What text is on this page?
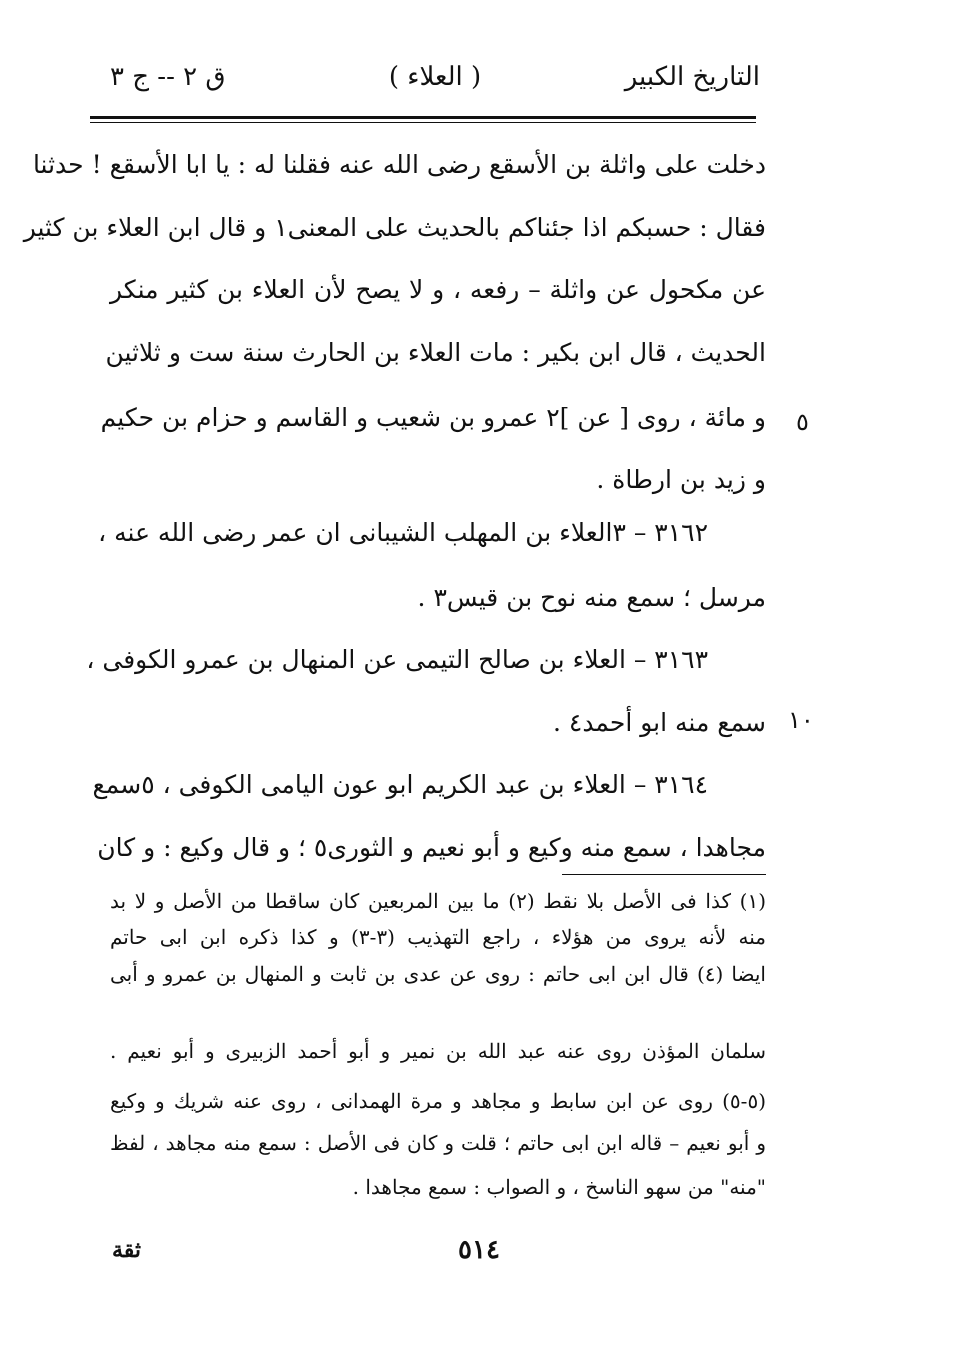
التاريخ الكبير
( العلاء )
ق ٢ -- ج ٣
دخلت على واثلة بن الأسقع رضى الله عنه فقلنا له : يا ابا الأسقع ! حدثنا
فقال : حسبكم اذا جئناكم بالحديث على المعنى١ و قال ابن العلاء بن كثير
عن مكحول عن واثلة – رفعه ، و لا يصح لأن العلاء بن كثير منكر
الحديث ، قال ابن بكير : مات العلاء بن الحارث سنة ست و ثلاثين
و مائة ، روى [ عن ]٢ عمرو بن شعيب و القاسم و حزام بن حكيم
و زيد بن ارطاة .
٣١٦٢ – ٣العلاء بن المهلب الشيبانى ان عمر رضى الله عنه ،
مرسل ؛ سمع منه نوح بن قيس٣ .
٣١٦٣ – العلاء بن صالح التيمى عن المنهال بن عمرو الكوفى ،
سمع منه ابو أحمد٤ .
٣١٦٤ – العلاء بن عبد الكريم ابو عون اليامى الكوفى ، ٥سمع
مجاهدا ، سمع منه وكيع و أبو نعيم و الثورى٥ ؛ و قال وكيع : و كان
٥
١٠
(١) كذا فى الأصل بلا نقط (٢) ما بين المربعين كان ساقطا من الأصل و لا بد
منه لأنه يروى من هؤلاء ، راجع التهذيب (٣-٣) و كذا ذكره ابن ابى حاتم
ايضا (٤) قال ابن ابى حاتم : روى عن عدى بن ثابت و المنهال بن عمرو و أبى
سلمان المؤذن روى عنه عبد الله بن نمير و أبو أحمد الزبيرى و أبو نعيم .
(٥-٥) روى عن ابن سابط و مجاهد و مرة الهمدانى ، روى عنه شريك و وكيع
و أبو نعيم – قاله ابن ابى حاتم ؛ قلت و كان فى الأصل : سمع منه مجاهد ، لفظ
"منه" من سهو الناسخ ، و الصواب : سمع مجاهدا .
٥١٤
ثقة
